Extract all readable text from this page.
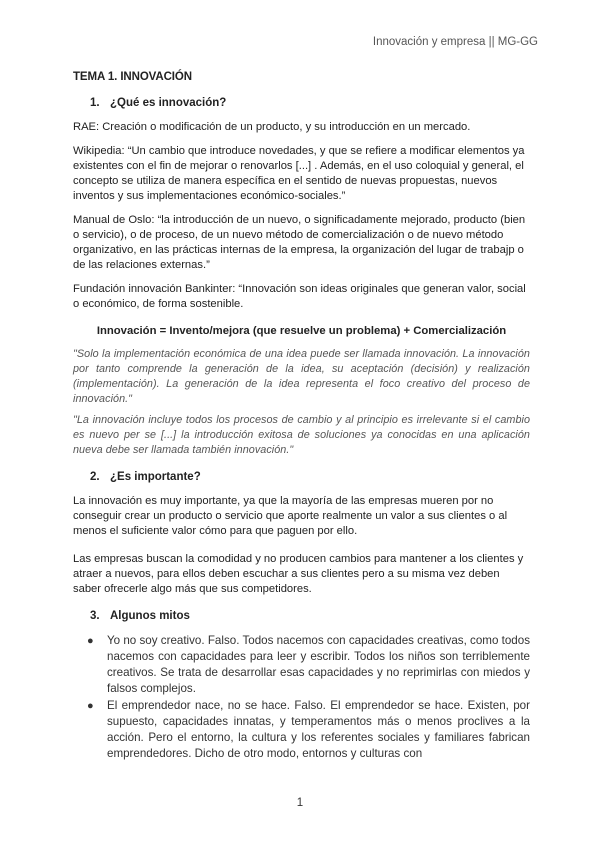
Innovación y empresa || MG-GG
TEMA 1. INNOVACIÓN
1. ¿Qué es innovación?

RAE: Creación o modificación de un producto, y su introducción en un mercado.

Wikipedia: “Un cambio que introduce novedades, y que se refiere a modificar elementos ya existentes con el fin de mejorar o renovarlos [...] . Además, en el uso coloquial y general, el concepto se utiliza de manera específica en el sentido de nuevas propuestas, nuevos inventos y sus implementaciones económico-sociales.”

Manual de Oslo: “la introducción de un nuevo, o significadamente mejorado, producto (bien o servicio), o de proceso, de un nuevo método de comercialización o de nuevo método organizativo, en las prácticas internas de la empresa, la organización del lugar de trabajp o de las relaciones externas.”

Fundación innovación Bankinter: “Innovación son ideas originales que generan valor, social o económico, de forma sostenible.

Innovación = Invento/mejora (que resuelve un problema) + Comercialización

"Solo la implementación económica de una idea puede ser llamada innovación. La innovación por tanto comprende la generación de la idea, su aceptación (decisión) y realización (implementación). La generación de la idea representa el foco creativo del proceso de innovación."

"La innovación incluye todos los procesos de cambio y al principio es irrelevante si el cambio es nuevo per se [...] la introducción exitosa de soluciones ya conocidas en una aplicación nueva debe ser llamada también innovación."

2. ¿Es importante?

La innovación es muy importante, ya que la mayoría de las empresas mueren por no conseguir crear un producto o servicio que aporte realmente un valor a sus clientes o al menos el suficiente valor cómo para que paguen por ello.

Las empresas buscan la comodidad y no producen cambios para mantener a los clientes y atraer a nuevos, para ellos deben escuchar a sus clientes pero a su misma vez deben saber ofrecerle algo más que sus competidores.

3. Algunos mitos
● Yo no soy creativo. Falso. Todos nacemos con capacidades creativas, como todos nacemos con capacidades para leer y escribir. Todos los niños son terriblemente creativos. Se trata de desarrollar esas capacidades y no reprimirlas con miedos y falsos complejos.
● El emprendedor nace, no se hace. Falso. El emprendedor se hace. Existen, por supuesto, capacidades innatas, y temperamentos más o menos proclives a la acción. Pero el entorno, la cultura y los referentes sociales y familiares fabrican emprendedores. Dicho de otro modo, entornos y culturas con
1
